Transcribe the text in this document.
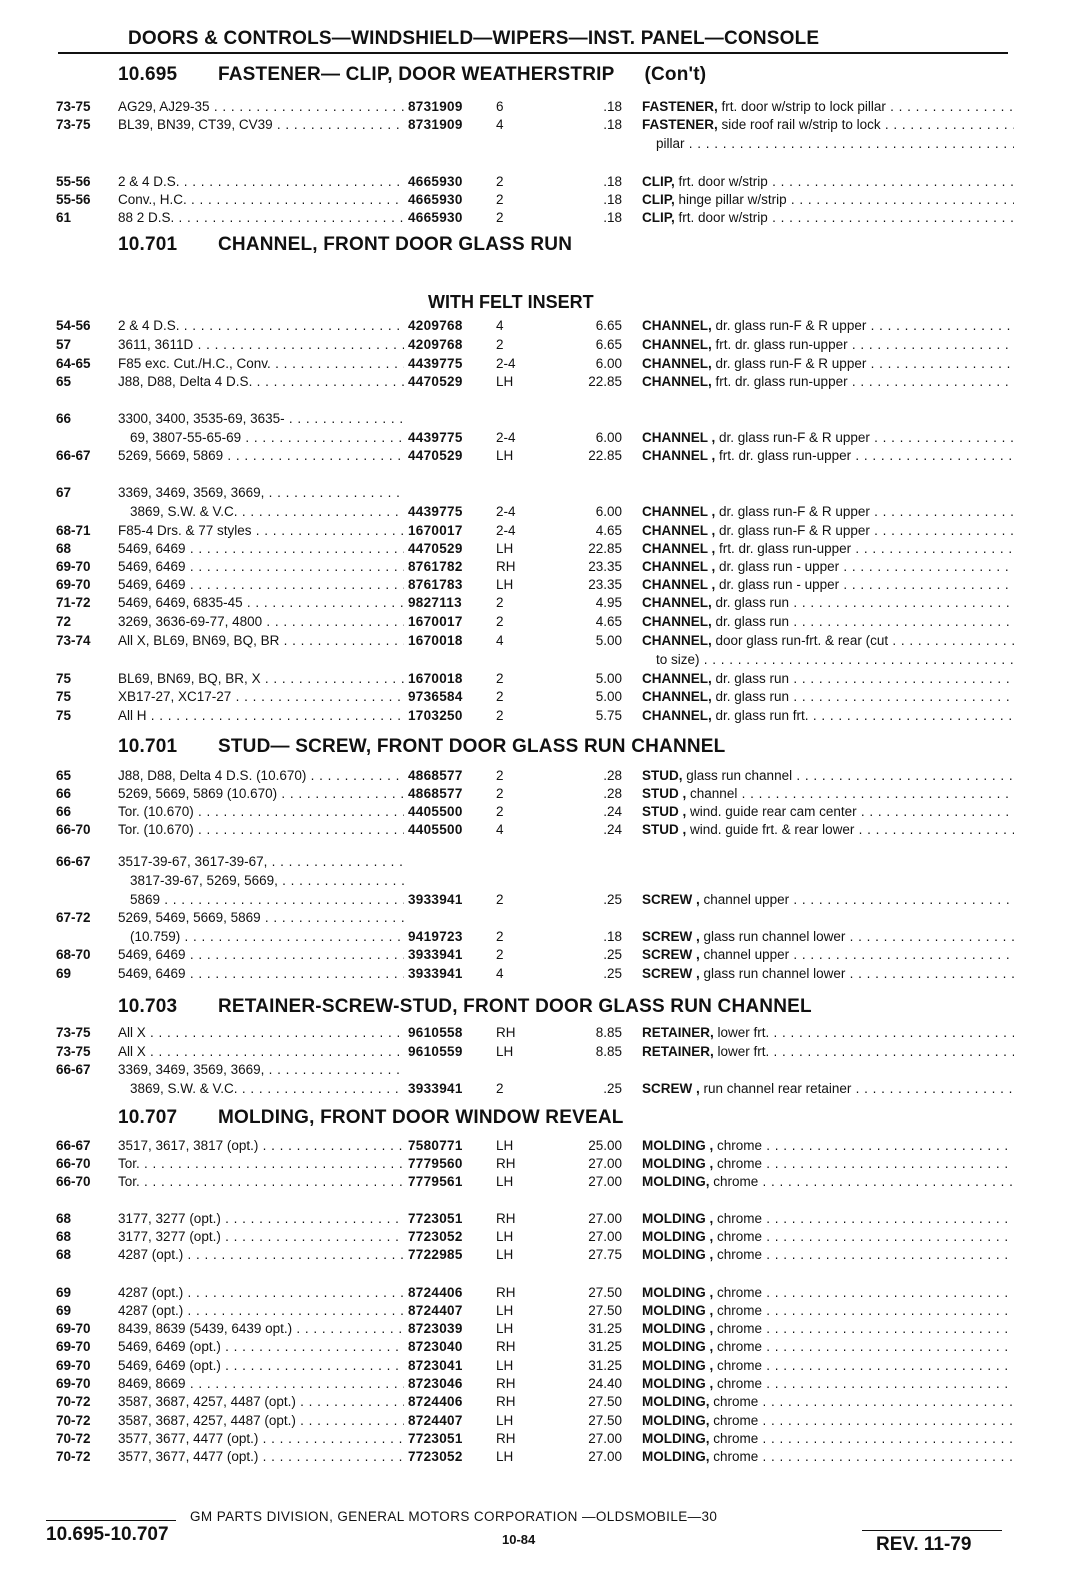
DOORS & CONTROLS—WINDSHIELD—WIPERS—INST. PANEL—CONSOLE
10.695 FASTENER— CLIP, DOOR WEATHERSTRIP (Con't)
73-75	AG29, AJ29-35 . . .	8731909	6	.18 FASTENER, frt. door w/strip to lock pillar . . .
73-75	BL39, BN39, CT39, CV39 . . .	8731909	4	.18 FASTENER, side roof rail w/strip to lock . . .
pillar . . .
55-56	2 & 4 D.S. . . .	4665930	2	.18 CLIP, frt. door w/strip . . .
55-56	Conv., H.C. . . .	4665930	2	.18 CLIP, hinge pillar w/strip . . .
61	88 2 D.S. . . .	4665930	2	.18 CLIP, frt. door w/strip . . .
10.701 CHANNEL, FRONT DOOR GLASS RUN
WITH FELT INSERT
54-56	2 & 4 D.S. . . .	4209768	4	6.65 CHANNEL, dr. glass run-F & R upper . . .
57	3611, 3611D . . .	4209768	2	6.65 CHANNEL, frt. dr. glass run-upper . . .
64-65	F85 exc. Cut./H.C., Conv. . . .	4439775	2-4	6.00 CHANNEL, dr. glass run-F & R upper . . .
65	J88, D88, Delta 4 D.S. . . .	4470529	LH	22.85 CHANNEL, frt. dr. glass run-upper . . .
66	3300, 3400, 3535-69, 3635- . . .
69, 3807-55-65-69 . . .	4439775	2-4	6.00 CHANNEL , dr. glass run-F & R upper . . .
66-67	5269, 5669, 5869 . . .	4470529	LH	22.85 CHANNEL , frt. dr. glass run-upper . . .
67	3369, 3469, 3569, 3669, . . .
3869, S.W. & V.C. . . .	4439775	2-4	6.00 CHANNEL , dr. glass run-F & R upper . . .
68-71	F85-4 Drs. & 77 styles . . .	1670017	2-4	4.65 CHANNEL , dr. glass run-F & R upper . . .
68	5469, 6469 . . .	4470529	LH	22.85 CHANNEL , frt. dr. glass run-upper . . .
69-70	5469, 6469 . . .	8761782	RH	23.35 CHANNEL , dr. glass run - upper . . .
69-70	5469, 6469 . . .	8761783	LH	23.35 CHANNEL , dr. glass run - upper . . .
71-72	5469, 6469, 6835-45 . . .	9827113	2	4.95 CHANNEL, dr. glass run . . .
72	3269, 3636-69-77, 4800 . . .	1670017	2	4.65 CHANNEL, dr. glass run . . .
73-74	All X, BL69, BN69, BQ, BR . . .	1670018	4	5.00 CHANNEL, door glass run-frt. & rear (cut . . .
to size) . . .
75	BL69, BN69, BQ, BR, X . . .	1670018	2	5.00 CHANNEL, dr. glass run . . .
75	XB17-27, XC17-27 . . .	9736584	2	5.00 CHANNEL, dr. glass run . . .
75	All H . . .	1703250	2	5.75 CHANNEL, dr. glass run frt. . . .
10.701 STUD— SCREW, FRONT DOOR GLASS RUN CHANNEL
65	J88, D88, Delta 4 D.S. (10.670) . . .	4868577	2	.28 STUD, glass run channel . . .
66	5269, 5669, 5869 (10.670) . . .	4868577	2	.28 STUD , channel . . .
66	Tor. (10.670) . . .	4405500	2	.24 STUD , wind. guide rear cam center . . .
66-70	Tor. (10.670) . . .	4405500	4	.24 STUD , wind. guide frt. & rear lower . . .
66-67	3517-39-67, 3617-39-67, . . .
3817-39-67, 5269, 5669, . . .
5869 . . .	3933941	2	.25 SCREW , channel upper . . .
67-72	5269, 5469, 5669, 5869 . . .
(10.759) . . .	9419723	2	.18 SCREW , glass run channel lower . . .
68-70	5469, 6469 . . .	3933941	2	.25 SCREW , channel upper . . .
69	5469, 6469 . . .	3933941	4	.25 SCREW , glass run channel lower . . .
10.703 RETAINER-SCREW-STUD, FRONT DOOR GLASS RUN CHANNEL
73-75	All X . . .	9610558	RH	8.85 RETAINER, lower frt. . . .
73-75	All X . . .	9610559	LH	8.85 RETAINER, lower frt. . . .
66-67	3369, 3469, 3569, 3669, . . .
3869, S.W. & V.C. . . .	3933941	2	.25 SCREW , run channel rear retainer . . .
10.707 MOLDING, FRONT DOOR WINDOW REVEAL
66-67	3517, 3617, 3817 (opt.) . . .	7580771	LH	25.00 MOLDING , chrome . . .
66-70	Tor. . . .	7779560	RH	27.00 MOLDING , chrome . . .
66-70	Tor. . . .	7779561	LH	27.00 MOLDING, chrome . . .
68	3177, 3277 (opt.) . . .	7723051	RH	27.00 MOLDING , chrome . . .
68	3177, 3277 (opt.) . . .	7723052	LH	27.00 MOLDING , chrome . . .
68	4287 (opt.) . . .	7722985	LH	27.75 MOLDING , chrome . . .
69	4287 (opt.) . . .	8724406	RH	27.50 MOLDING , chrome . . .
69	4287 (opt.) . . .	8724407	LH	27.50 MOLDING , chrome . . .
69-70	8439, 8639 (5439, 6439 opt.) . . .	8723039	LH	31.25 MOLDING , chrome . . .
69-70	5469, 6469 (opt.) . . .	8723040	RH	31.25 MOLDING , chrome . . .
69-70	5469, 6469 (opt.) . . .	8723041	LH	31.25 MOLDING , chrome . . .
69-70	8469, 8669 . . .	8723046	RH	24.40 MOLDING , chrome . . .
70-72	3587, 3687, 4257, 4487 (opt.) . . .	8724406	RH	27.50 MOLDING, chrome . . .
70-72	3587, 3687, 4257, 4487 (opt.) . . .	8724407	LH	27.50 MOLDING, chrome . . .
70-72	3577, 3677, 4477 (opt.) . . .	7723051	RH	27.00 MOLDING, chrome . . .
70-72	3577, 3677, 4477 (opt.) . . .	7723052	LH	27.00 MOLDING, chrome . . .
GM PARTS DIVISION, GENERAL MOTORS CORPORATION —OLDSMOBILE—30
10.695-10.707	10-84	REV. 11-79
